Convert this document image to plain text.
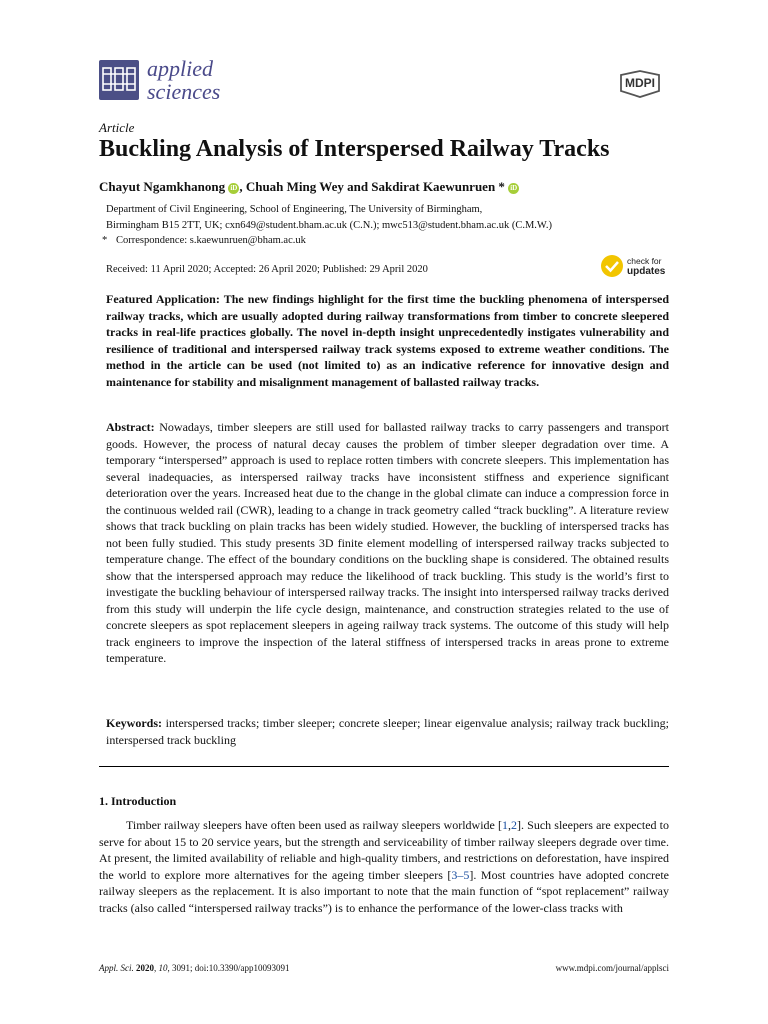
applied
sciences	MDPI
Article
Buckling Analysis of Interspersed Railway Tracks
Chayut Ngamkhanong iD , Chuah Ming Wey and Sakdirat Kaewunruen * iD
Department of Civil Engineering, School of Engineering, The University of Birmingham,
Birmingham B15 2TT, UK; cxn649@student.bham.ac.uk (C.N.); mwc513@student.bham.ac.uk (C.M.W.)
* Correspondence: s.kaewunruen@bham.ac.uk
Received: 11 April 2020; Accepted: 26 April 2020; Published: 29 April 2020
check for
updates

Featured Application: The new findings highlight for the first time the buckling phenomena of interspersed railway tracks, which are usually adopted during railway transformations from timber to concrete sleepered tracks in real-life practices globally. The novel in-depth insight unprecedentedly instigates vulnerability and resilience of traditional and interspersed railway track systems exposed to extreme weather conditions. The method in the article can be used (not limited to) as an indicative reference for innovative design and maintenance for stability and misalignment management of ballasted railway tracks.

Abstract: Nowadays, timber sleepers are still used for ballasted railway tracks to carry passengers and transport goods. However, the process of natural decay causes the problem of timber sleeper degradation over time. A temporary “interspersed” approach is used to replace rotten timbers with concrete sleepers. This implementation has several inadequacies, as interspersed railway tracks have inconsistent stiffness and experience significant deterioration over the years. Increased heat due to the change in the global climate can induce a compression force in the continuous welded rail (CWR), leading to a change in track geometry called “track buckling”. A literature review shows that track buckling on plain tracks has been widely studied. However, the buckling of interspersed tracks has not been fully studied. This study presents 3D finite element modelling of interspersed railway tracks subjected to temperature change. The effect of the boundary conditions on the buckling shape is considered. The obtained results show that the interspersed approach may reduce the likelihood of track buckling. This study is the world’s first to investigate the buckling behaviour of interspersed railway tracks. The insight into interspersed railway tracks derived from this study will underpin the life cycle design, maintenance, and construction strategies related to the use of concrete sleepers as spot replacement sleepers in ageing railway track systems. The outcome of this study will help track engineers to improve the inspection of the lateral stiffness of interspersed tracks in areas prone to extreme temperature.

Keywords: interspersed tracks; timber sleeper; concrete sleeper; linear eigenvalue analysis; railway track buckling; interspersed track buckling

1. Introduction

Timber railway sleepers have often been used as railway sleepers worldwide [1,2]. Such sleepers are expected to serve for about 15 to 20 service years, but the strength and serviceability of timber railway sleepers degrade over time. At present, the limited availability of reliable and high-quality timbers, and restrictions on deforestation, have inspired the world to explore more alternatives for the ageing timber sleepers [3–5]. Most countries have adopted concrete railway sleepers as the replacement. It is also important to note that the main function of “spot replacement” railway tracks (also called “interspersed railway tracks”) is to enhance the performance of the lower-class tracks with

Appl. Sci. 2020, 10, 3091; doi:10.3390/app10093091	www.mdpi.com/journal/applsci
